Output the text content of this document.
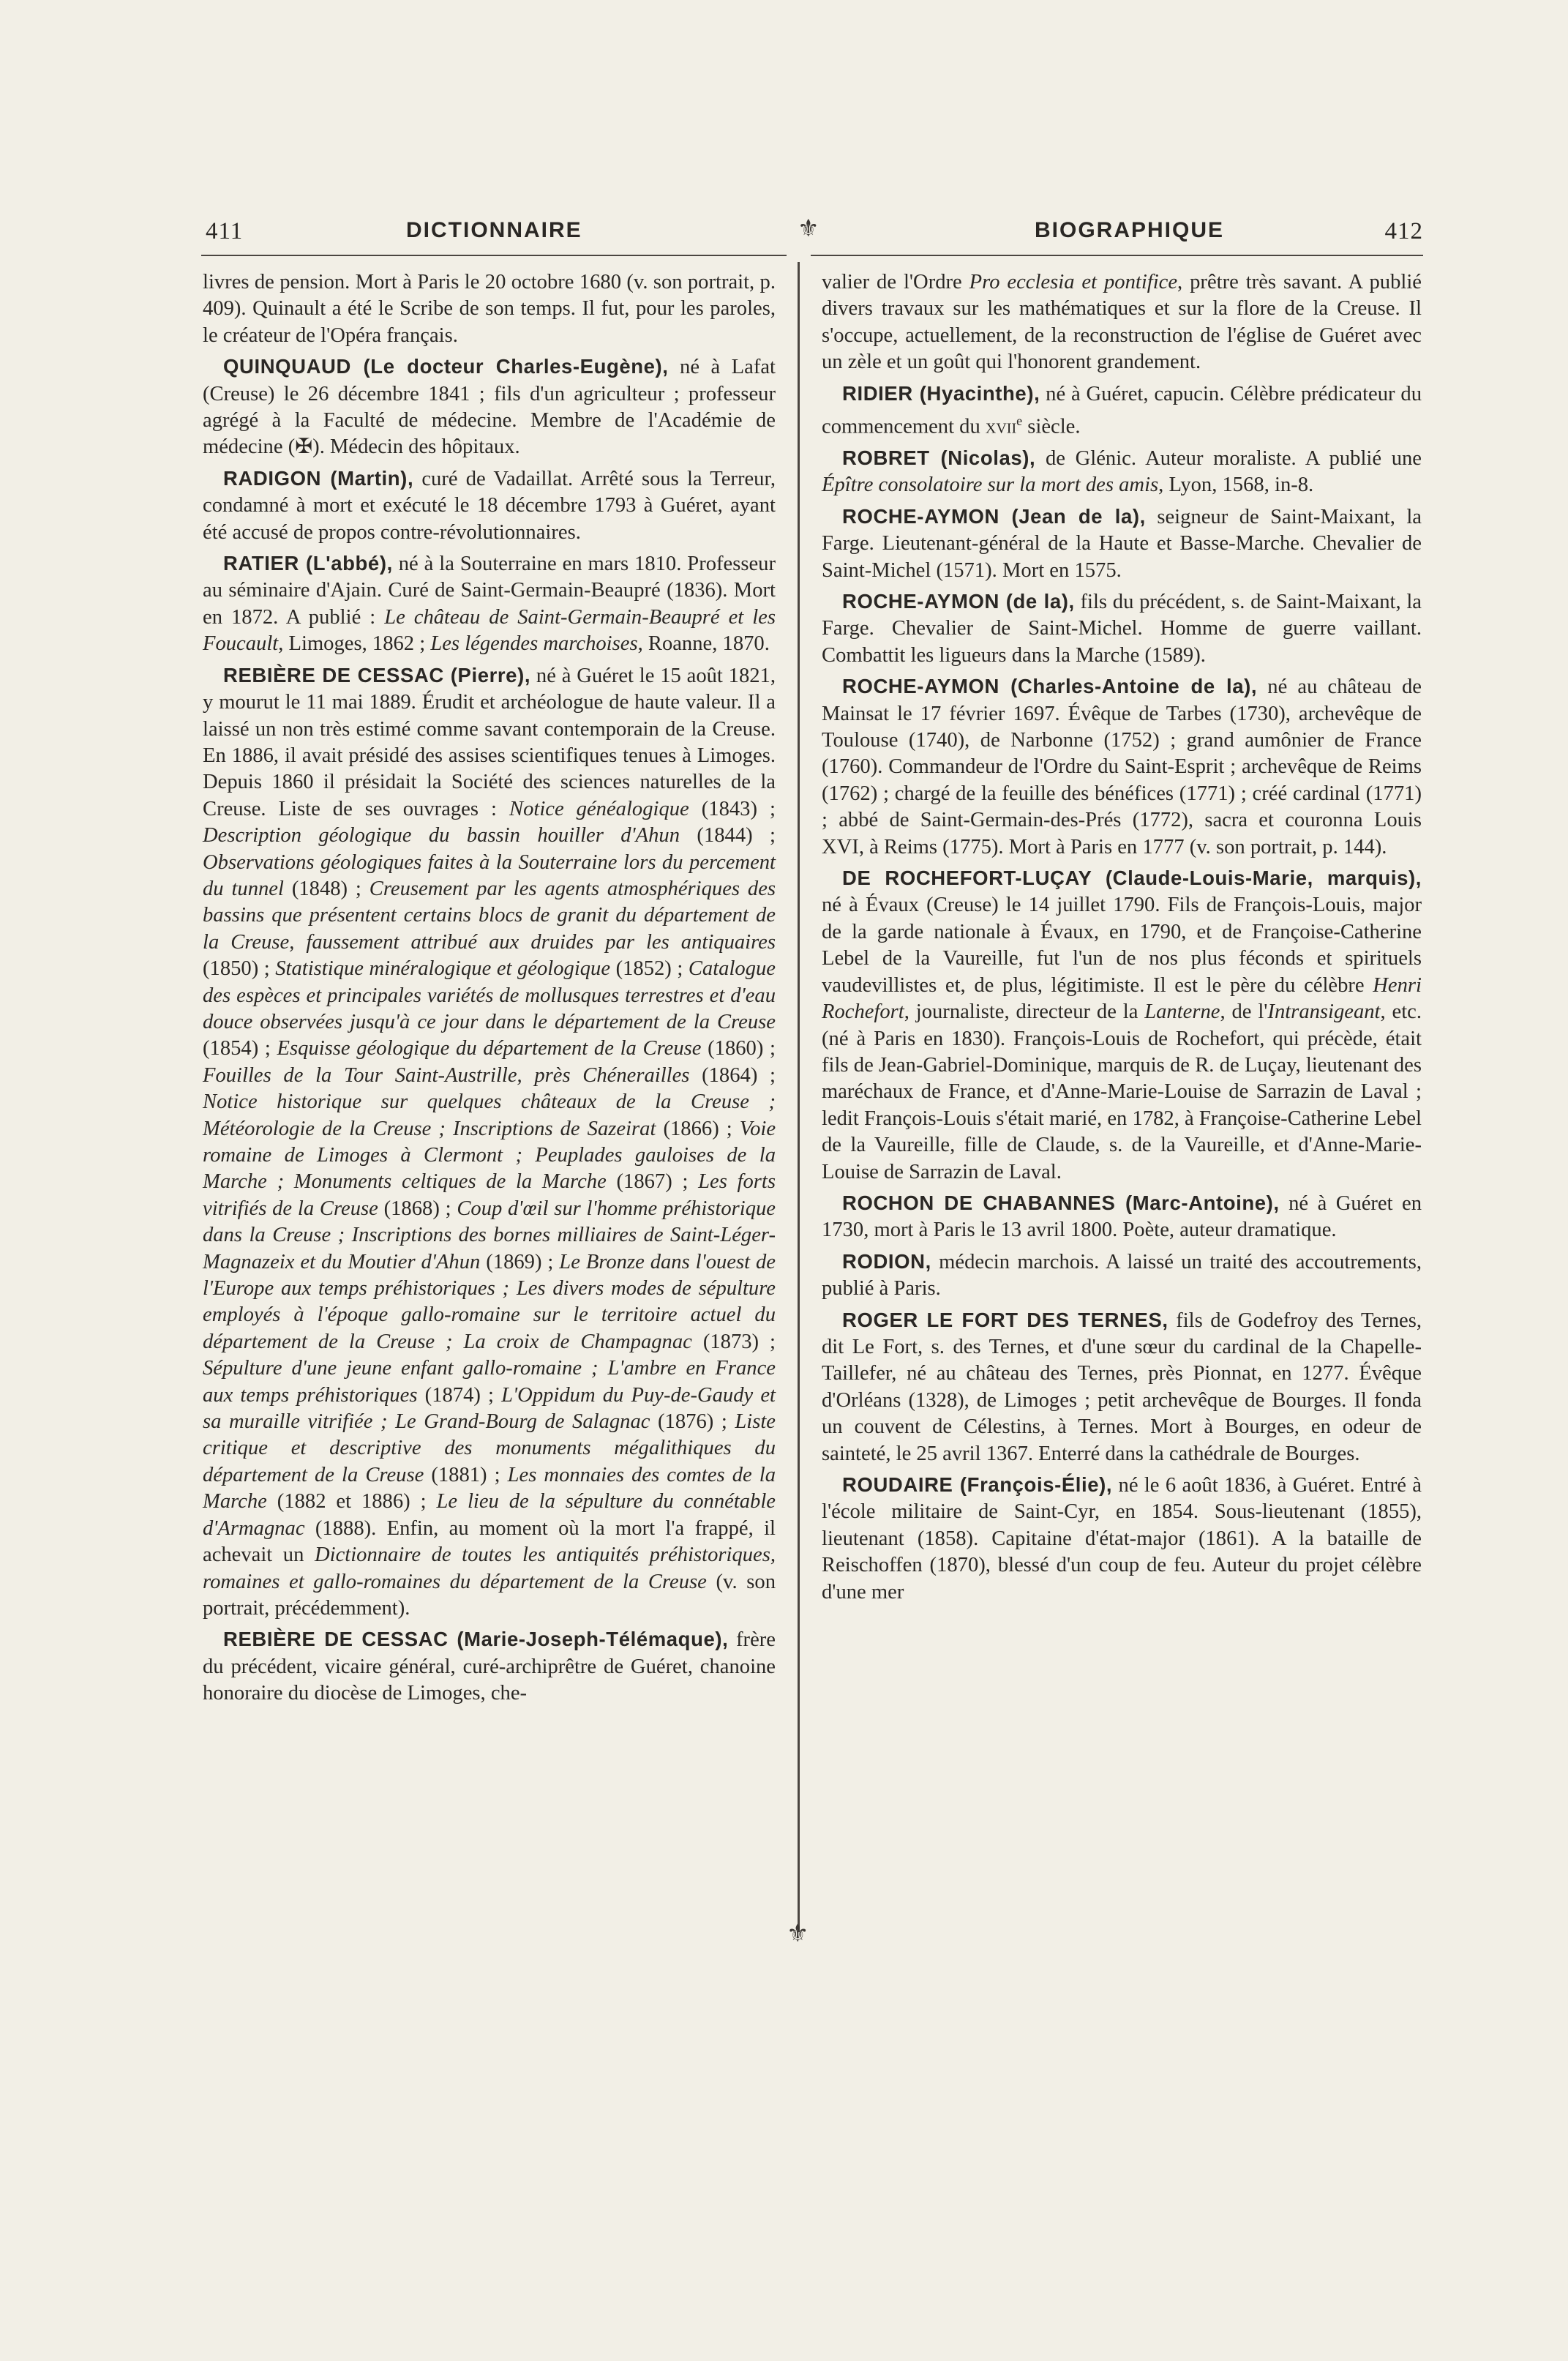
411	DICTIONNAIRE	⚜	BIOGRAPHIQUE	412
⚜

livres de pension. Mort à Paris le 20 octobre 1680 (v. son portrait, p. 409). Quinault a été le Scribe de son temps. Il fut, pour les paroles, le créateur de l'Opéra français.

QUINQUAUD (Le docteur Charles-Eugène), né à Lafat (Creuse) le 26 décembre 1841 ; fils d'un agriculteur ; professeur agrégé à la Faculté de médecine. Membre de l'Académie de médecine (✠). Médecin des hôpitaux.

RADIGON (Martin), curé de Vadaillat. Arrêté sous la Terreur, condamné à mort et exécuté le 18 décembre 1793 à Guéret, ayant été accusé de propos contre-révolutionnaires.

RATIER (L'abbé), né à la Souterraine en mars 1810. Professeur au séminaire d'Ajain. Curé de Saint-Germain-Beaupré (1836). Mort en 1872. A publié : Le château de Saint-Germain-Beaupré et les Foucault, Limoges, 1862 ; Les légendes marchoises, Roanne, 1870.

REBIÈRE DE CESSAC (Pierre), né à Guéret le 15 août 1821, y mourut le 11 mai 1889. Érudit et archéologue de haute valeur. Il a laissé un non très estimé comme savant contemporain de la Creuse. En 1886, il avait présidé des assises scientifiques tenues à Limoges. Depuis 1860 il présidait la Société des sciences naturelles de la Creuse. Liste de ses ouvrages : Notice généalogique (1843) ; Description géologique du bassin houiller d'Ahun (1844) ; Observations géologiques faites à la Souterraine lors du percement du tunnel (1848) ; Creusement par les agents atmosphériques des bassins que présentent certains blocs de granit du département de la Creuse, faussement attribué aux druides par les antiquaires (1850) ; Statistique minéralogique et géologique (1852) ; Catalogue des espèces et principales variétés de mollusques terrestres et d'eau douce observées jusqu'à ce jour dans le département de la Creuse (1854) ; Esquisse géologique du département de la Creuse (1860) ; Fouilles de la Tour Saint-Austrille, près Chénerailles (1864) ; Notice historique sur quelques châteaux de la Creuse ; Météorologie de la Creuse ; Inscriptions de Sazeirat (1866) ; Voie romaine de Limoges à Clermont ; Peuplades gauloises de la Marche ; Monuments celtiques de la Marche (1867) ; Les forts vitrifiés de la Creuse (1868) ; Coup d'œil sur l'homme préhistorique dans la Creuse ; Inscriptions des bornes milliaires de Saint-Léger-Magnazeix et du Moutier d'Ahun (1869) ; Le Bronze dans l'ouest de l'Europe aux temps préhistoriques ; Les divers modes de sépulture employés à l'époque gallo-romaine sur le territoire actuel du département de la Creuse ; La croix de Champagnac (1873) ; Sépulture d'une jeune enfant gallo-romaine ; L'ambre en France aux temps préhistoriques (1874) ; L'Oppidum du Puy-de-Gaudy et sa muraille vitrifiée ; Le Grand-Bourg de Salagnac (1876) ; Liste critique et descriptive des monuments mégalithiques du département de la Creuse (1881) ; Les monnaies des comtes de la Marche (1882 et 1886) ; Le lieu de la sépulture du connétable d'Armagnac (1888). Enfin, au moment où la mort l'a frappé, il achevait un Dictionnaire de toutes les antiquités préhistoriques, romaines et gallo-romaines du département de la Creuse (v. son portrait, précédemment).

REBIÈRE DE CESSAC (Marie-Joseph-Télémaque), frère du précédent, vicaire général, curé-archiprêtre de Guéret, chanoine honoraire du diocèse de Limoges, che-

valier de l'Ordre Pro ecclesia et pontifice, prêtre très savant. A publié divers travaux sur les mathématiques et sur la flore de la Creuse. Il s'occupe, actuellement, de la reconstruction de l'église de Guéret avec un zèle et un goût qui l'honorent grandement.

RIDIER (Hyacinthe), né à Guéret, capucin. Célèbre prédicateur du commencement du xvii$^e$ siècle.

ROBRET (Nicolas), de Glénic. Auteur moraliste. A publié une Épître consolatoire sur la mort des amis, Lyon, 1568, in-8.

ROCHE-AYMON (Jean de la), seigneur de Saint-Maixant, la Farge. Lieutenant-général de la Haute et Basse-Marche. Chevalier de Saint-Michel (1571). Mort en 1575.

ROCHE-AYMON (de la), fils du précédent, s. de Saint-Maixant, la Farge. Chevalier de Saint-Michel. Homme de guerre vaillant. Combattit les ligueurs dans la Marche (1589).

ROCHE-AYMON (Charles-Antoine de la), né au château de Mainsat le 17 février 1697. Évêque de Tarbes (1730), archevêque de Toulouse (1740), de Narbonne (1752) ; grand aumônier de France (1760). Commandeur de l'Ordre du Saint-Esprit ; archevêque de Reims (1762) ; chargé de la feuille des bénéfices (1771) ; créé cardinal (1771) ; abbé de Saint-Germain-des-Prés (1772), sacra et couronna Louis XVI, à Reims (1775). Mort à Paris en 1777 (v. son portrait, p. 144).

DE ROCHEFORT-LUÇAY (Claude-Louis-Marie, marquis), né à Évaux (Creuse) le 14 juillet 1790. Fils de François-Louis, major de la garde nationale à Évaux, en 1790, et de Françoise-Catherine Lebel de la Vaureille, fut l'un de nos plus féconds et spirituels vaudevillistes et, de plus, légitimiste. Il est le père du célèbre Henri Rochefort, journaliste, directeur de la Lanterne, de l'Intransigeant, etc. (né à Paris en 1830). François-Louis de Rochefort, qui précède, était fils de Jean-Gabriel-Dominique, marquis de R. de Luçay, lieutenant des maréchaux de France, et d'Anne-Marie-Louise de Sarrazin de Laval ; ledit François-Louis s'était marié, en 1782, à Françoise-Catherine Lebel de la Vaureille, fille de Claude, s. de la Vaureille, et d'Anne-Marie-Louise de Sarrazin de Laval.

ROCHON DE CHABANNES (Marc-Antoine), né à Guéret en 1730, mort à Paris le 13 avril 1800. Poète, auteur dramatique.

RODION, médecin marchois. A laissé un traité des accoutrements, publié à Paris.

ROGER LE FORT DES TERNES, fils de Godefroy des Ternes, dit Le Fort, s. des Ternes, et d'une sœur du cardinal de la Chapelle-Taillefer, né au château des Ternes, près Pionnat, en 1277. Évêque d'Orléans (1328), de Limoges ; petit archevêque de Bourges. Il fonda un couvent de Célestins, à Ternes. Mort à Bourges, en odeur de sainteté, le 25 avril 1367. Enterré dans la cathédrale de Bourges.

ROUDAIRE (François-Élie), né le 6 août 1836, à Guéret. Entré à l'école militaire de Saint-Cyr, en 1854. Sous-lieutenant (1855), lieutenant (1858). Capitaine d'état-major (1861). A la bataille de Reischoffen (1870), blessé d'un coup de feu. Auteur du projet célèbre d'une mer
